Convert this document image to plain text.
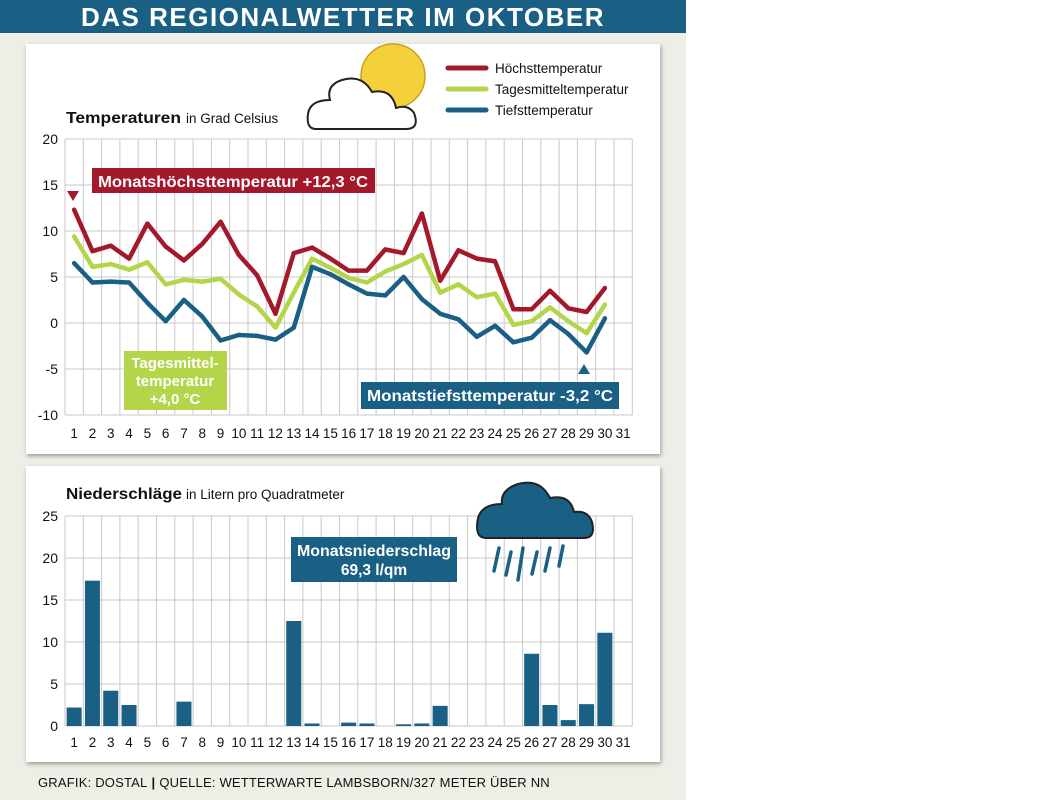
DAS REGIONALWETTER IM OKTOBER
GRAFIK: DOSTAL | QUELLE: WETTERWARTE LAMBSBORN/327 METER ÜBER NN
Temperaturen in Grad Celsius
Höchsttemperatur
Tagesmitteltemperatur
Tiefsttemperatur
20
15
10
5
0
-5
-10
1 2 3 4 5 6 7 8 9 10 11 12 13 14 15 16 17 18 19 20 21 22 23 24 25 26 27 28 29 30 31
Monatshöchsttemperatur +12,3 °C
Tagesmittel-
temperatur
+4,0 °C	Monatstiefsttemperatur -3,2 °C
Niederschläge in Litern pro Quadratmeter
25
20
15
10
5
0
1 2 3 4 5 6 7 8 9 10 11 12 13 14 15 16 17 18 19 20 21 22 23 24 25 26 27 28 29 30 31
Monatsniederschlag
69,3 l/qm
